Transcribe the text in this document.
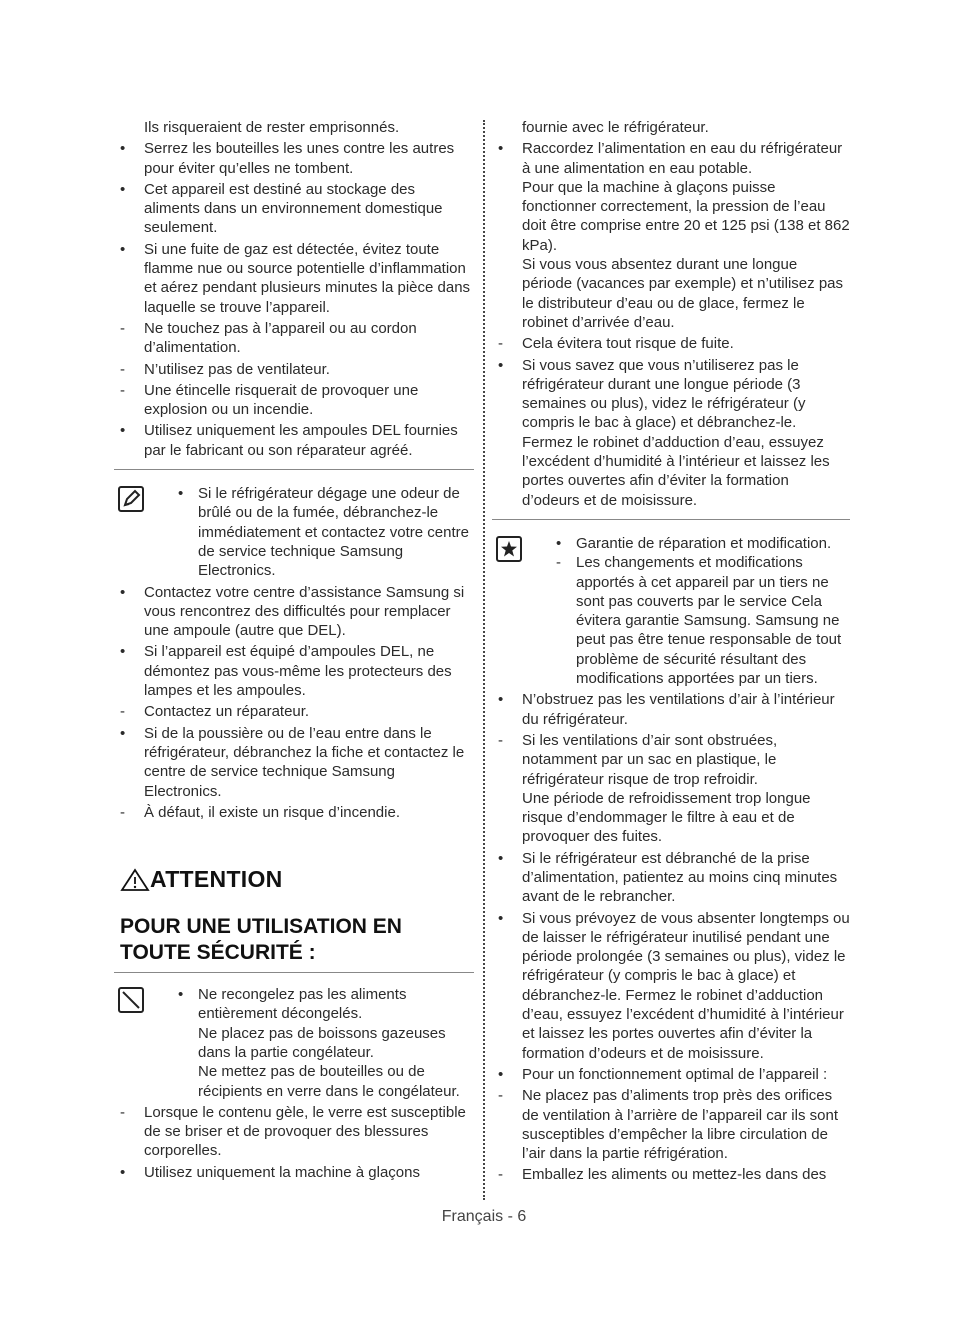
Ils risqueraient de rester emprisonnés.
•	Serrez les bouteilles les unes contre les autres pour éviter qu’elles ne tombent.
•	Cet appareil est destiné au stockage des aliments dans un environnement domestique seulement.
•	Si une fuite de gaz est détectée, évitez toute flamme nue ou source potentielle d’inflammation et aérez pendant plusieurs minutes la pièce dans laquelle se trouve l’appareil.
-	Ne touchez pas à l’appareil ou au cordon d’alimentation.
-	N’utilisez pas de ventilateur.
-	Une étincelle risquerait de provoquer une explosion ou un incendie.
•	Utilisez uniquement les ampoules DEL fournies par le fabricant ou son réparateur agréé.
• Si le réfrigérateur dégage une odeur de brûlé ou de la fumée, débranchez-le immédiatement et contactez votre centre de service technique Samsung Electronics.
•	Contactez votre centre d’assistance Samsung si vous rencontrez des difficultés pour remplacer une ampoule (autre que DEL).
•	Si l’appareil est équipé d’ampoules DEL, ne démontez pas vous-même les protecteurs des lampes et les ampoules.
-	Contactez un réparateur.
•	Si de la poussière ou de l’eau entre dans le réfrigérateur, débranchez la fiche et contactez le centre de service technique Samsung Electronics.
-	À défaut, il existe un risque d’incendie.
ATTENTION
POUR UNE UTILISATION EN
TOUTE SÉCURITÉ :
• Ne recongelez pas les aliments entièrement décongelés.
Ne placez pas de boissons gazeuses dans la partie congélateur.
Ne mettez pas de bouteilles ou de récipients en verre dans le congélateur.
-	Lorsque le contenu gèle, le verre est susceptible de se briser et de provoquer des blessures corporelles.
•	Utilisez uniquement la machine à glaçons
fournie avec le réfrigérateur.
•	Raccordez l’alimentation en eau du réfrigérateur à une alimentation en eau potable.
Pour que la machine à glaçons puisse fonctionner correctement, la pression de l’eau doit être comprise entre 20 et 125 psi (138 et 862 kPa).
Si vous vous absentez durant une longue période (vacances par exemple) et n’utilisez pas le distributeur d’eau ou de glace, fermez le robinet d’arrivée d’eau.
-	Cela évitera tout risque de fuite.
•	Si vous savez que vous n’utiliserez pas le réfrigérateur durant une longue période (3 semaines ou plus), videz le réfrigérateur (y compris le bac à glace) et débranchez-le.
Fermez le robinet d’adduction d’eau, essuyez l’excédent d’humidité à l’intérieur et laissez les portes ouvertes afin d’éviter la formation d’odeurs et de moisissure.
• Garantie de réparation et modification.
- Les changements et modifications apportés à cet appareil par un tiers ne sont pas couverts par le service Cela évitera garantie Samsung. Samsung ne peut pas être tenue responsable de tout problème de sécurité résultant des modifications apportées par un tiers.
•	N’obstruez pas les ventilations d’air à l’intérieur du réfrigérateur.
-	Si les ventilations d’air sont obstruées, notamment par un sac en plastique, le réfrigérateur risque de trop refroidir.
Une période de refroidissement trop longue risque d’endommager le filtre à eau et de provoquer des fuites.
•	Si le réfrigérateur est débranché de la prise d’alimentation, patientez au moins cinq minutes avant de le rebrancher.
•	Si vous prévoyez de vous absenter longtemps ou de laisser le réfrigérateur inutilisé pendant une période prolongée (3 semaines ou plus), videz le réfrigérateur (y compris le bac à glace) et débranchez-le. Fermez le robinet d’adduction d’eau, essuyez l’excédent d’humidité à l’intérieur et laissez les portes ouvertes afin d’éviter la formation d’odeurs et de moisissure.
•	Pour un fonctionnement optimal de l’appareil :
-	Ne placez pas d’aliments trop près des orifices de ventilation à l’arrière de l’appareil car ils sont susceptibles d’empêcher la libre circulation de l’air dans la partie réfrigération.
-	Emballez les aliments ou mettez-les dans des
Français - 6
